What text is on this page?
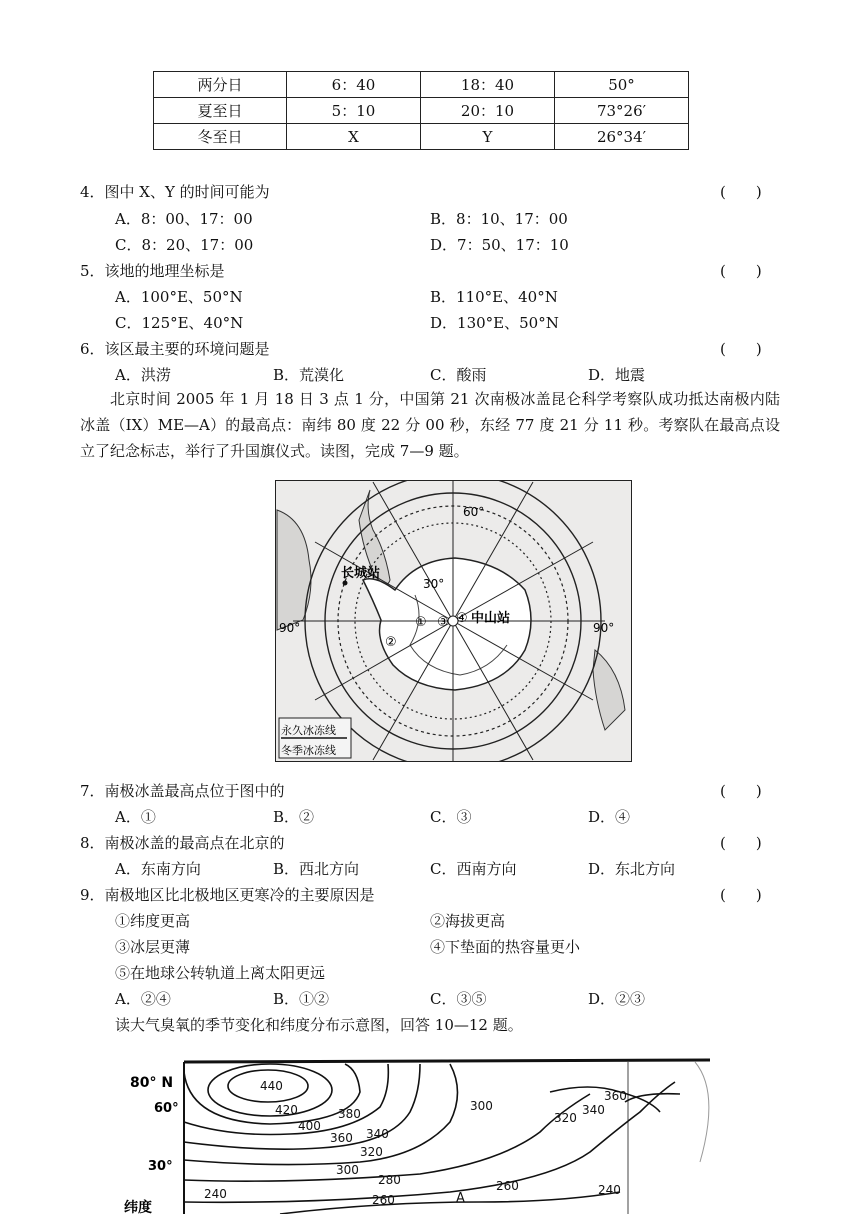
两分日	6：40	18：40	50°
夏至日	5：10	20：10	73°26′
冬至日	X	Y	26°34′
4．图中 X、Y 的时间可能为	(　　)
A．8：00、17：00	B．8：10、17：00
C．8：20、17：00	D．7：50、17：10
5．该地的地理坐标是	(　　)
A．100°E、50°N	B．110°E、40°N
C．125°E、40°N	D．130°E、50°N
6．该区最主要的环境问题是	(　　)
A．洪涝	B．荒漠化	C．酸雨	D．地震
北京时间 2005 年 1 月 18 日 3 点 1 分，中国第 21 次南极冰盖昆仑科学考察队成功抵达南极内陆冰盖（IX）ME—A）的最高点：南纬 80 度 22 分 00 秒，东经 77 度 21 分 11 秒。考察队在最高点设立了纪念标志，举行了升国旗仪式。读图，完成 7—9 题。
60°
30°
90°	90°
长城站
中山站
①
②
③ ④
永久冰冻线
冬季冰冻线
7．南极冰盖最高点位于图中的	(　　)
A．①	B．②	C．③	D．④
8．南极冰盖的最高点在北京的	(　　)
A．东南方向	B．西北方向	C．西南方向	D．东北方向
9．南极地区比北极地区更寒冷的主要原因是	(　　)
①纬度更高	②海拔更高
③冰层更薄	④下垫面的热容量更小
⑤在地球公转轨道上离太阳更远
A．②④	B．①②	C．③⑤	D．②③
读大气臭氧的季节变化和纬度分布示意图，回答 10—12 题。
80° N
60°
30°
纬度
440
420
400
380
360 340
320
300
280
260
240
300
320
340
360
260	240
A
